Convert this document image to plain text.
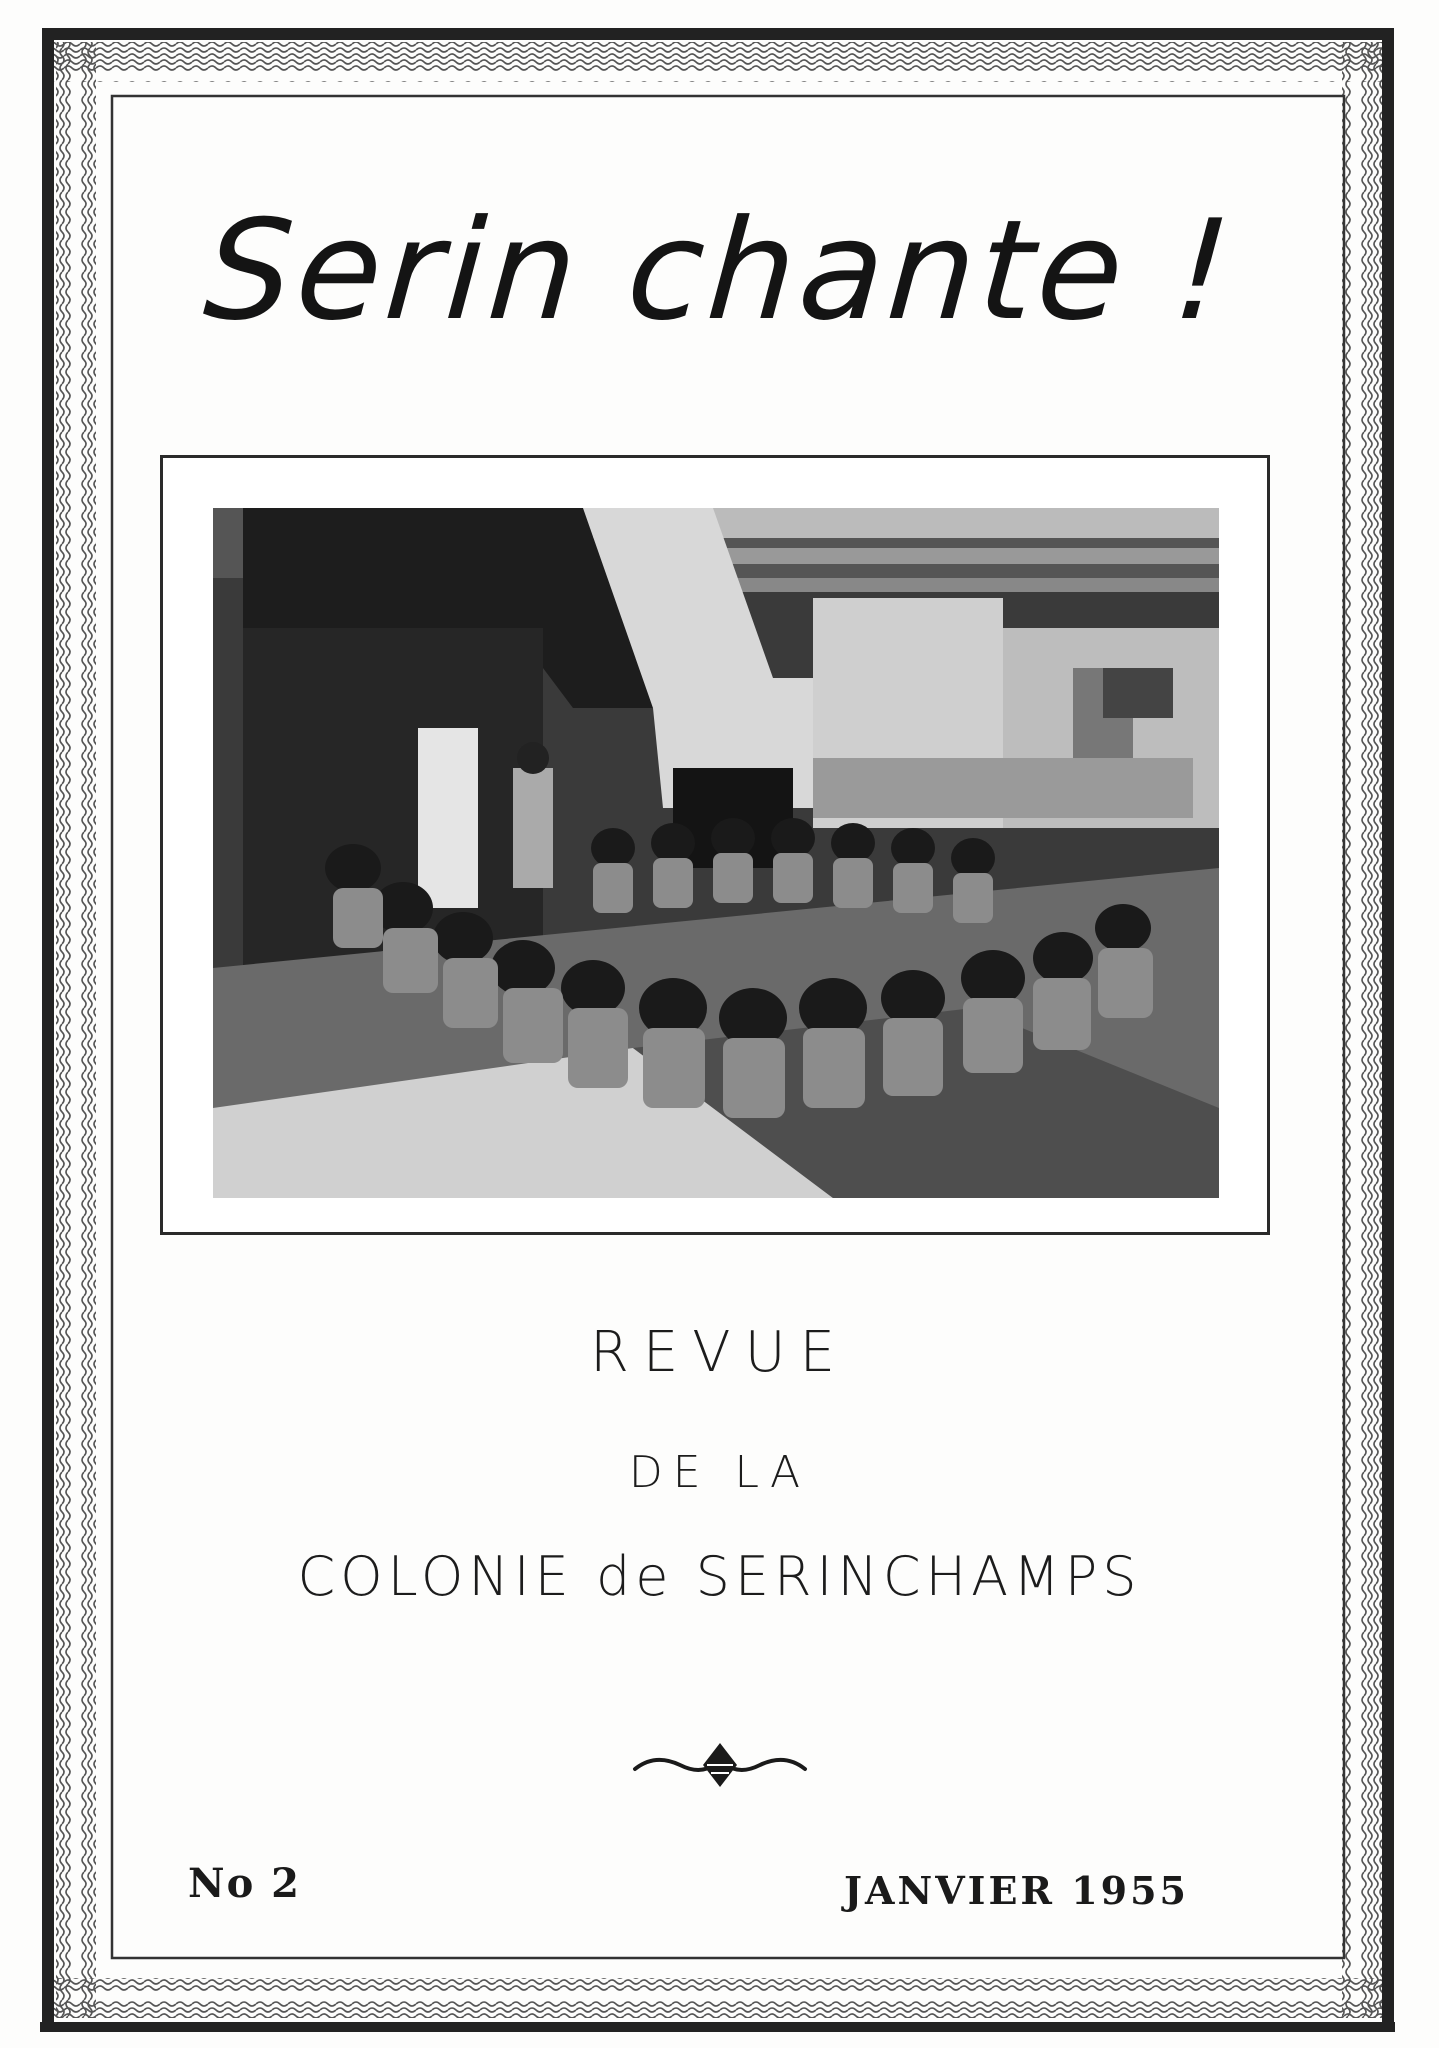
Serin chante !
REVUE
DE LA
COLONIE de SERINCHAMPS
No 2	JANVIER 1955
